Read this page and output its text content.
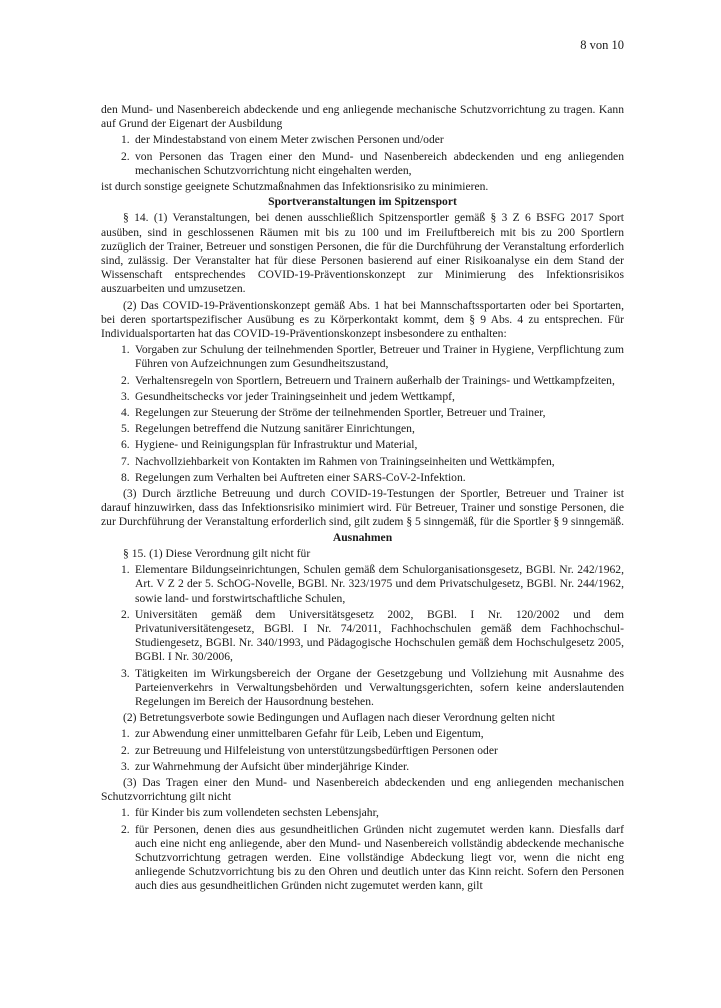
8 von 10

den Mund- und Nasenbereich abdeckende und eng anliegende mechanische Schutzvorrichtung zu tragen. Kann auf Grund der Eigenart der Ausbildung

1. der Mindestabstand von einem Meter zwischen Personen und/oder
2. von Personen das Tragen einer den Mund- und Nasenbereich abdeckenden und eng anliegenden mechanischen Schutzvorrichtung nicht eingehalten werden,

ist durch sonstige geeignete Schutzmaßnahmen das Infektionsrisiko zu minimieren.

Sportveranstaltungen im Spitzensport

§ 14. (1) Veranstaltungen, bei denen ausschließlich Spitzensportler gemäß § 3 Z 6 BSFG 2017 Sport ausüben, sind in geschlossenen Räumen mit bis zu 100 und im Freiluftbereich mit bis zu 200 Sportlern zuzüglich der Trainer, Betreuer und sonstigen Personen, die für die Durchführung der Veranstaltung erforderlich sind, zulässig. Der Veranstalter hat für diese Personen basierend auf einer Risikoanalyse ein dem Stand der Wissenschaft entsprechendes COVID-19-Präventionskonzept zur Minimierung des Infektionsrisikos auszuarbeiten und umzusetzen.

(2) Das COVID-19-Präventionskonzept gemäß Abs. 1 hat bei Mannschaftssportarten oder bei Sportarten, bei deren sportartspezifischer Ausübung es zu Körperkontakt kommt, dem § 9 Abs. 4 zu entsprechen. Für Individualsportarten hat das COVID-19-Präventionskonzept insbesondere zu enthalten:

1. Vorgaben zur Schulung der teilnehmenden Sportler, Betreuer und Trainer in Hygiene, Verpflichtung zum Führen von Aufzeichnungen zum Gesundheitszustand,
2. Verhaltensregeln von Sportlern, Betreuern und Trainern außerhalb der Trainings- und Wettkampfzeiten,
3. Gesundheitschecks vor jeder Trainingseinheit und jedem Wettkampf,
4. Regelungen zur Steuerung der Ströme der teilnehmenden Sportler, Betreuer und Trainer,
5. Regelungen betreffend die Nutzung sanitärer Einrichtungen,
6. Hygiene- und Reinigungsplan für Infrastruktur und Material,
7. Nachvollziehbarkeit von Kontakten im Rahmen von Trainingseinheiten und Wettkämpfen,
8. Regelungen zum Verhalten bei Auftreten einer SARS-CoV-2-Infektion.

(3) Durch ärztliche Betreuung und durch COVID-19-Testungen der Sportler, Betreuer und Trainer ist darauf hinzuwirken, dass das Infektionsrisiko minimiert wird. Für Betreuer, Trainer und sonstige Personen, die zur Durchführung der Veranstaltung erforderlich sind, gilt zudem § 5 sinngemäß, für die Sportler § 9 sinngemäß.

Ausnahmen

§ 15. (1) Diese Verordnung gilt nicht für

1. Elementare Bildungseinrichtungen, Schulen gemäß dem Schulorganisationsgesetz, BGBl. Nr. 242/1962, Art. V Z 2 der 5. SchOG-Novelle, BGBl. Nr. 323/1975 und dem Privatschulgesetz, BGBl. Nr. 244/1962, sowie land- und forstwirtschaftliche Schulen,
2. Universitäten gemäß dem Universitätsgesetz 2002, BGBl. I Nr. 120/2002 und dem Privatuniversitätengesetz, BGBl. I Nr. 74/2011, Fachhochschulen gemäß dem Fachhochschul-Studiengesetz, BGBl. Nr. 340/1993, und Pädagogische Hochschulen gemäß dem Hochschulgesetz 2005, BGBl. I Nr. 30/2006,
3. Tätigkeiten im Wirkungsbereich der Organe der Gesetzgebung und Vollziehung mit Ausnahme des Parteienverkehrs in Verwaltungsbehörden und Verwaltungsgerichten, sofern keine anderslautenden Regelungen im Bereich der Hausordnung bestehen.

(2) Betretungsverbote sowie Bedingungen und Auflagen nach dieser Verordnung gelten nicht

1. zur Abwendung einer unmittelbaren Gefahr für Leib, Leben und Eigentum,
2. zur Betreuung und Hilfeleistung von unterstützungsbedürftigen Personen oder
3. zur Wahrnehmung der Aufsicht über minderjährige Kinder.

(3) Das Tragen einer den Mund- und Nasenbereich abdeckenden und eng anliegenden mechanischen Schutzvorrichtung gilt nicht

1. für Kinder bis zum vollendeten sechsten Lebensjahr,
2. für Personen, denen dies aus gesundheitlichen Gründen nicht zugemutet werden kann. Diesfalls darf auch eine nicht eng anliegende, aber den Mund- und Nasenbereich vollständig abdeckende mechanische Schutzvorrichtung getragen werden. Eine vollständige Abdeckung liegt vor, wenn die nicht eng anliegende Schutzvorrichtung bis zu den Ohren und deutlich unter das Kinn reicht. Sofern den Personen auch dies aus gesundheitlichen Gründen nicht zugemutet werden kann, gilt
